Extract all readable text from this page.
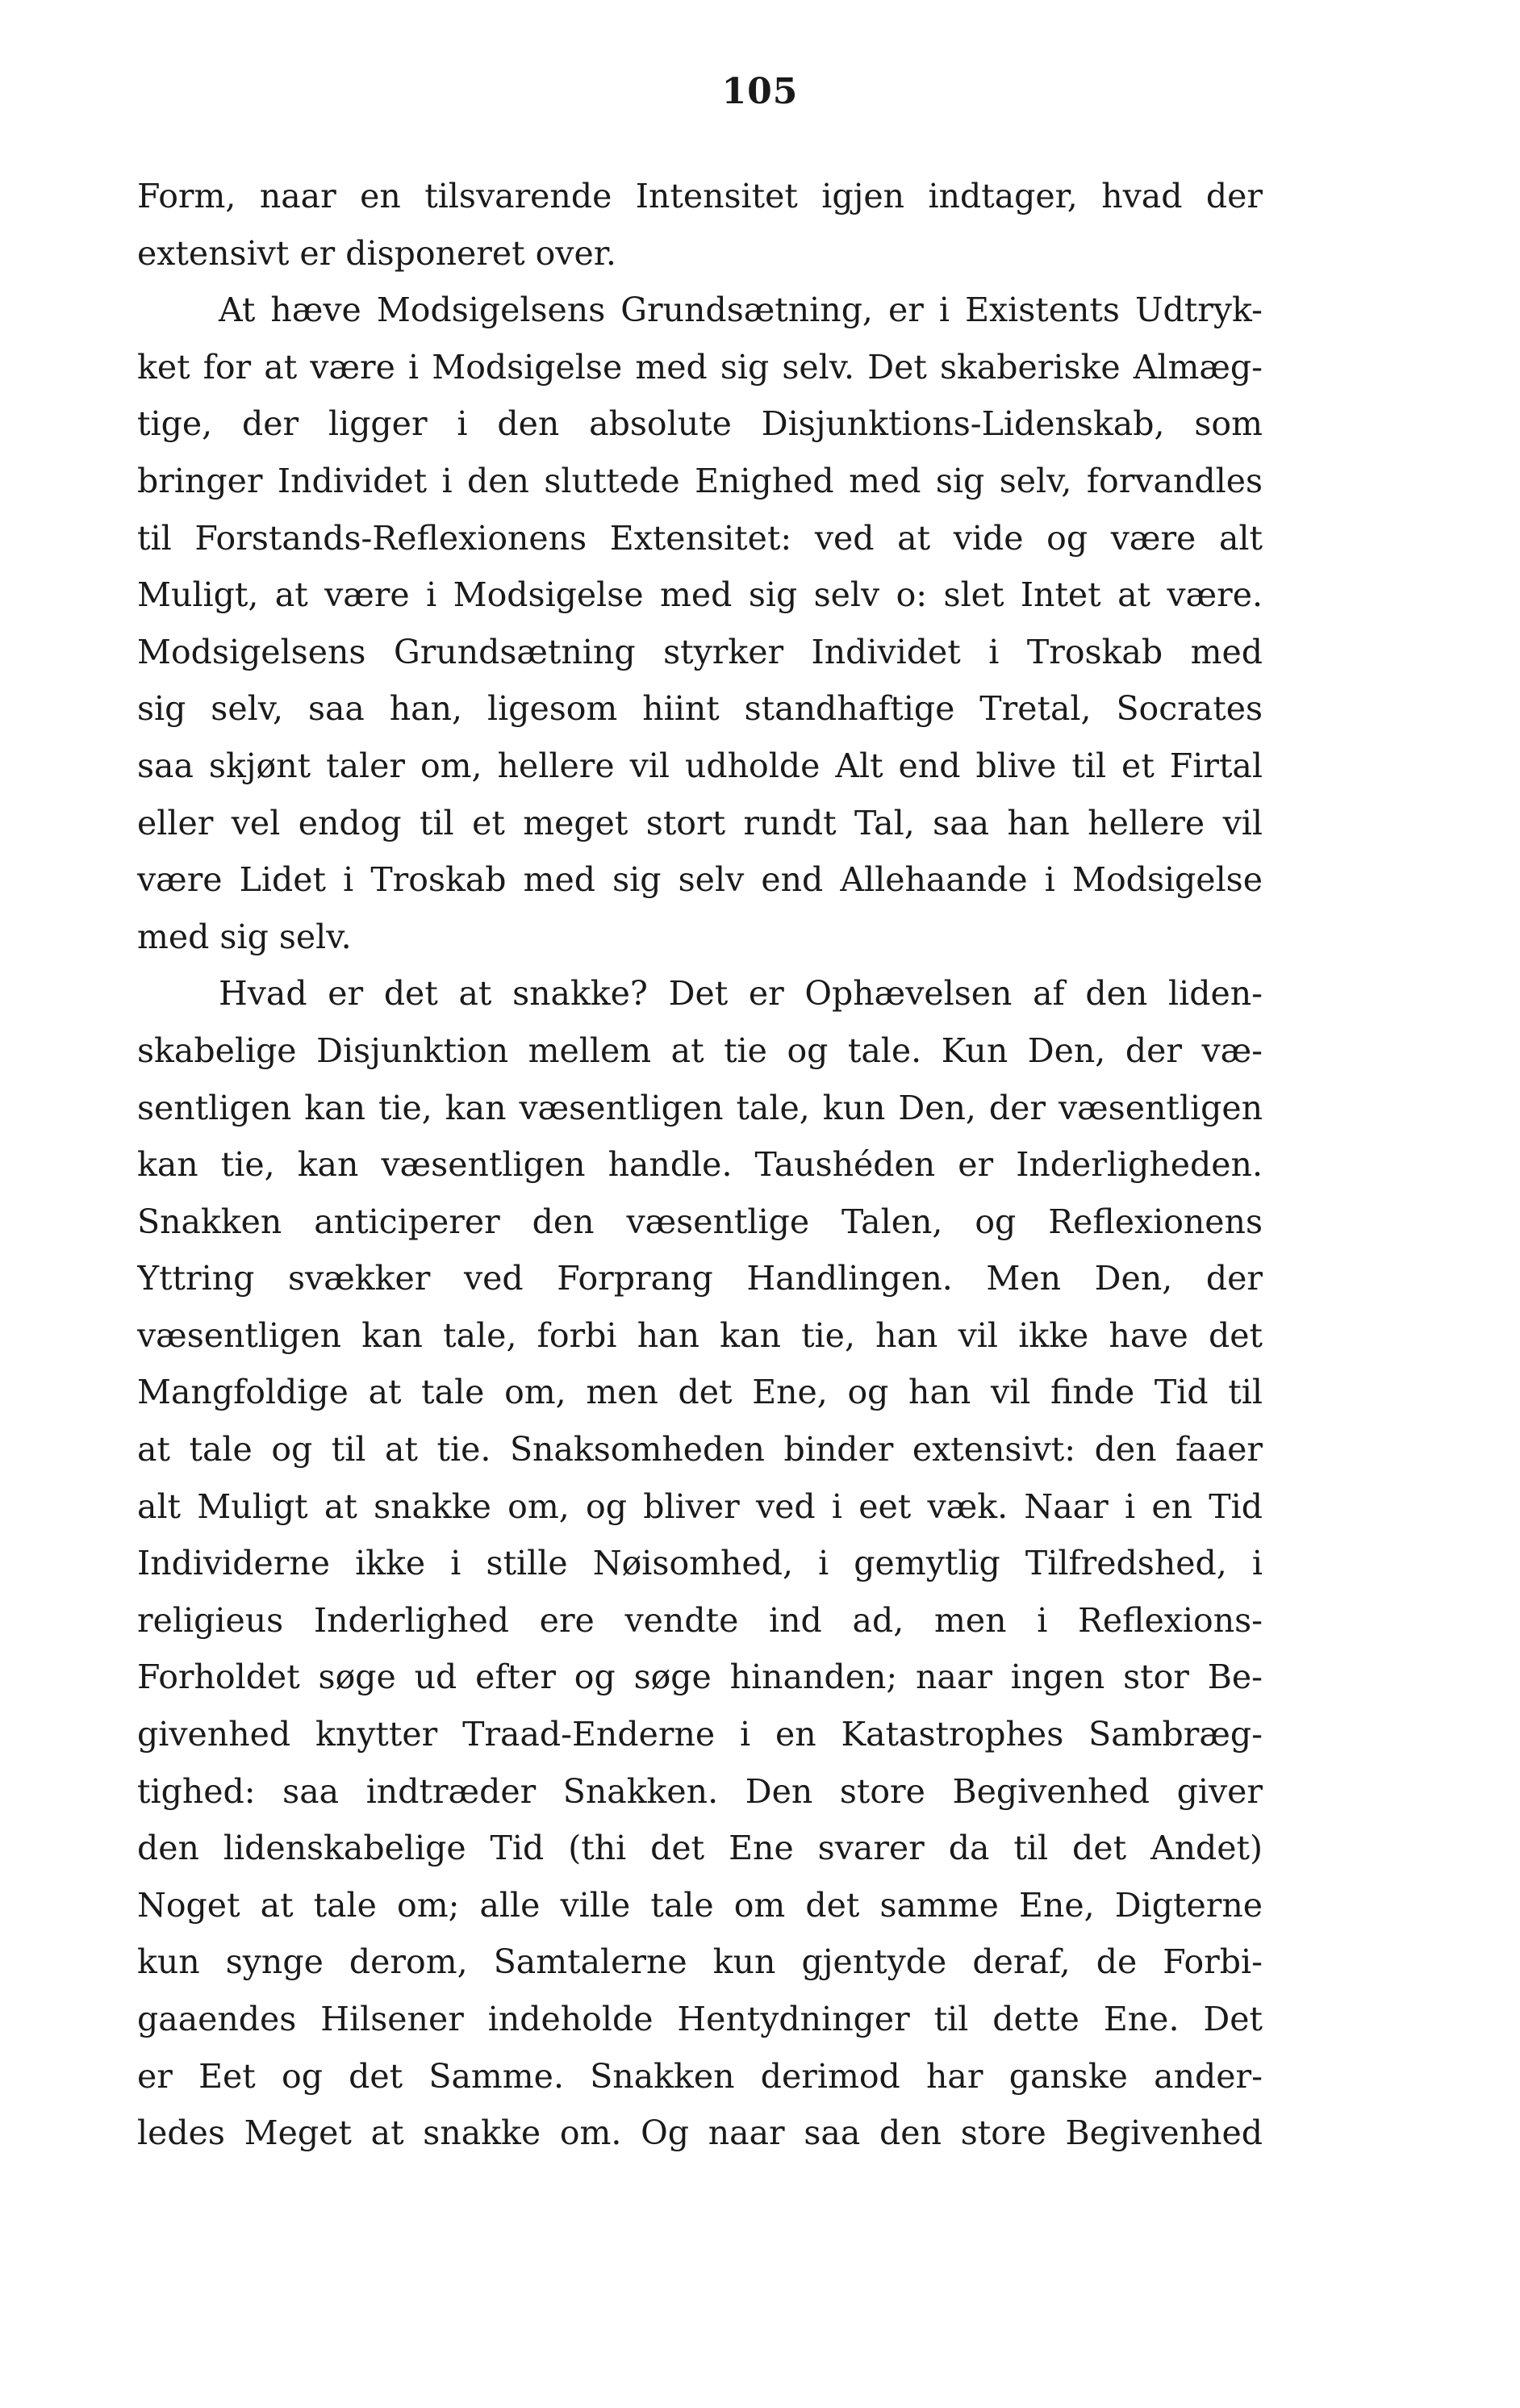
105
Form, naar en tilsvarende Intensitet igjen indtager, hvad der
extensivt er disponeret over.
At hæve Modsigelsens Grundsætning, er i Existents Udtryk-
ket for at være i Modsigelse med sig selv. Det skaberiske Almæg-
tige, der ligger i den absolute Disjunktions-Lidenskab, som
bringer Individet i den sluttede Enighed med sig selv, forvandles
til Forstands-Reflexionens Extensitet: ved at vide og være alt
Muligt, at være i Modsigelse med sig selv o: slet Intet at være.
Modsigelsens Grundsætning styrker Individet i Troskab med
sig selv, saa han, ligesom hiint standhaftige Tretal, Socrates
saa skjønt taler om, hellere vil udholde Alt end blive til et Firtal
eller vel endog til et meget stort rundt Tal, saa han hellere vil
være Lidet i Troskab med sig selv end Allehaande i Modsigelse
med sig selv.
Hvad er det at snakke? Det er Ophævelsen af den liden-
skabelige Disjunktion mellem at tie og tale. Kun Den, der væ-
sentligen kan tie, kan væsentligen tale, kun Den, der væsentligen
kan tie, kan væsentligen handle. Taushéden er Inderligheden.
Snakken anticiperer den væsentlige Talen, og Reflexionens
Yttring svækker ved Forprang Handlingen. Men Den, der
væsentligen kan tale, forbi han kan tie, han vil ikke have det
Mangfoldige at tale om, men det Ene, og han vil finde Tid til
at tale og til at tie. Snaksomheden binder extensivt: den faaer
alt Muligt at snakke om, og bliver ved i eet væk. Naar i en Tid
Individerne ikke i stille Nøisomhed, i gemytlig Tilfredshed, i
religieus Inderlighed ere vendte ind ad, men i Reflexions-
Forholdet søge ud efter og søge hinanden; naar ingen stor Be-
givenhed knytter Traad-Enderne i en Katastrophes Sambræg-
tighed: saa indtræder Snakken. Den store Begivenhed giver
den lidenskabelige Tid (thi det Ene svarer da til det Andet)
Noget at tale om; alle ville tale om det samme Ene, Digterne
kun synge derom, Samtalerne kun gjentyde deraf, de Forbi-
gaaendes Hilsener indeholde Hentydninger til dette Ene. Det
er Eet og det Samme. Snakken derimod har ganske ander-
ledes Meget at snakke om. Og naar saa den store Begivenhed
